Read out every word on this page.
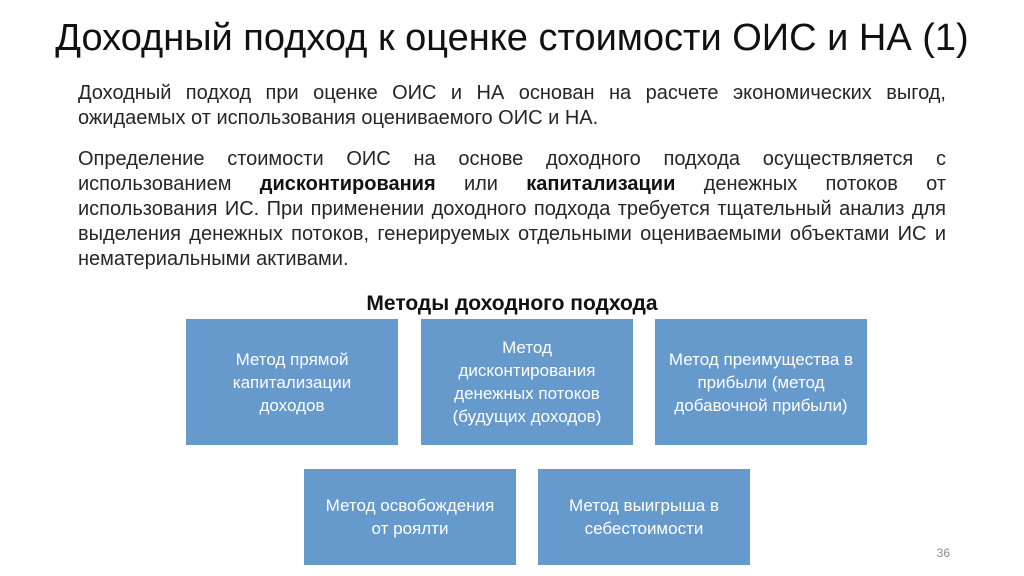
Доходный подход к оценке стоимости ОИС и НА (1)

Доходный подход при оценке ОИС и НА основан на расчете экономических выгод, ожидаемых от использования оцениваемого ОИС и НА.

Определение стоимости ОИС на основе доходного подхода осуществляется с использованием дисконтирования или капитализации денежных потоков от использования ИС. При применении доходного подхода требуется тщательный анализ для выделения денежных потоков, генерируемых отдельными оцениваемыми объектами ИС и нематериальными активами.

Методы доходного подхода
Метод прямой капитализации доходов
Метод дисконтирования денежных потоков (будущих доходов)
Метод преимущества в прибыли (метод добавочной прибыли)
Метод освобождения от роялти
Метод выигрыша в себестоимости
36
